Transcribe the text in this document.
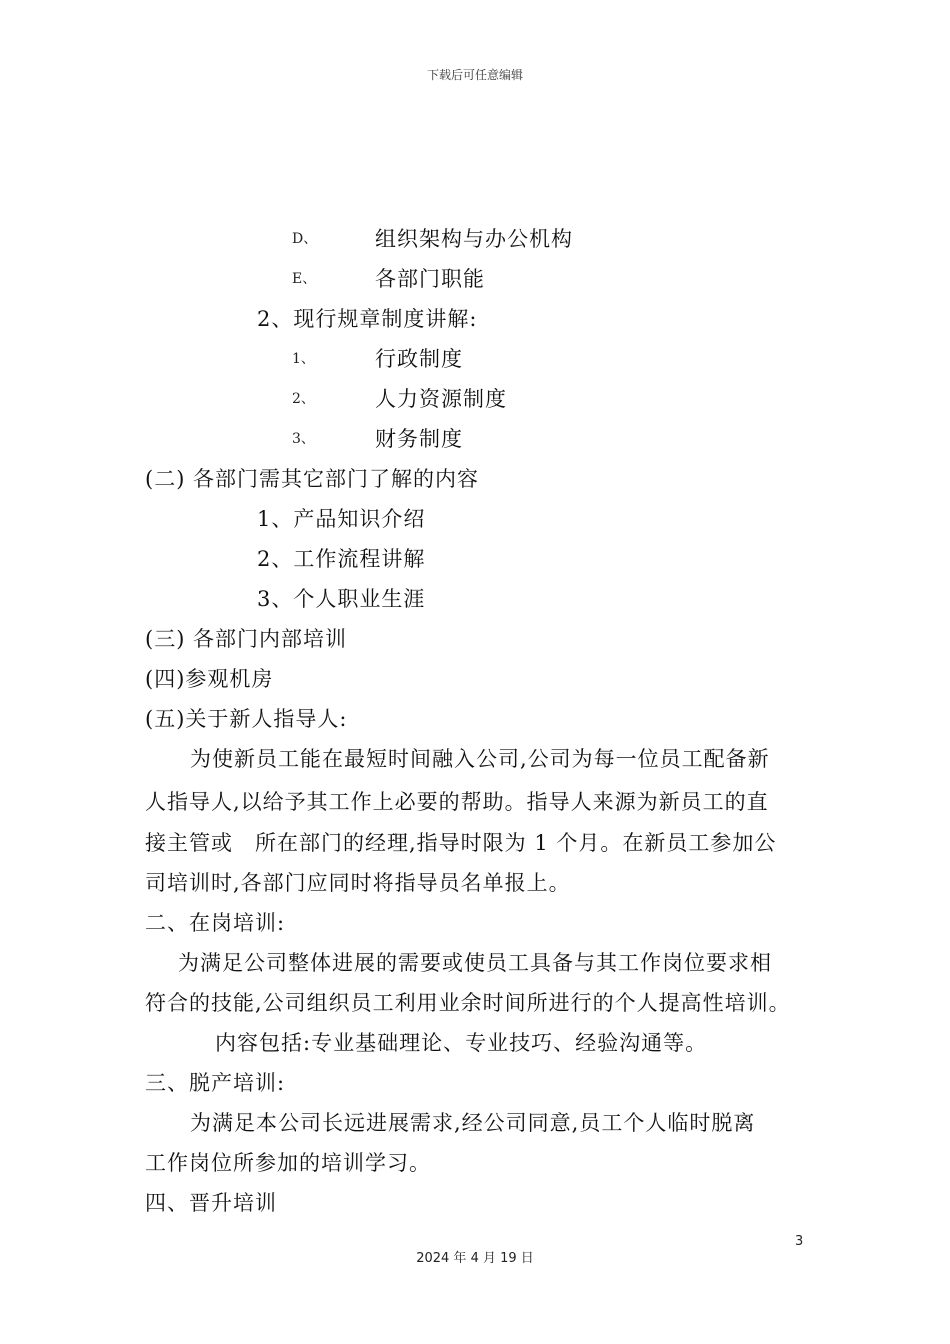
下载后可任意编辑
D、	组织架构与办公机构
E、	各部门职能
2、现行规章制度讲解:
1、	行政制度
2、	人力资源制度
3、	财务制度
(二) 各部门需其它部门了解的内容
1、产品知识介绍
2、工作流程讲解
3、个人职业生涯
(三) 各部门内部培训
(四)参观机房
(五)关于新人指导人:
为使新员工能在最短时间融入公司,公司为每一位员工配备新
人指导人,以给予其工作上必要的帮助。指导人来源为新员工的直
接主管或　所在部门的经理,指导时限为 1 个月。在新员工参加公
司培训时,各部门应同时将指导员名单报上。
二、在岗培训:
为满足公司整体进展的需要或使员工具备与其工作岗位要求相
符合的技能,公司组织员工利用业余时间所进行的个人提高性培训。
内容包括:专业基础理论、专业技巧、经验沟通等。
三、脱产培训:
为满足本公司长远进展需求,经公司同意,员工个人临时脱离
工作岗位所参加的培训学习。
四、晋升培训
3
2024 年 4 月 19 日
